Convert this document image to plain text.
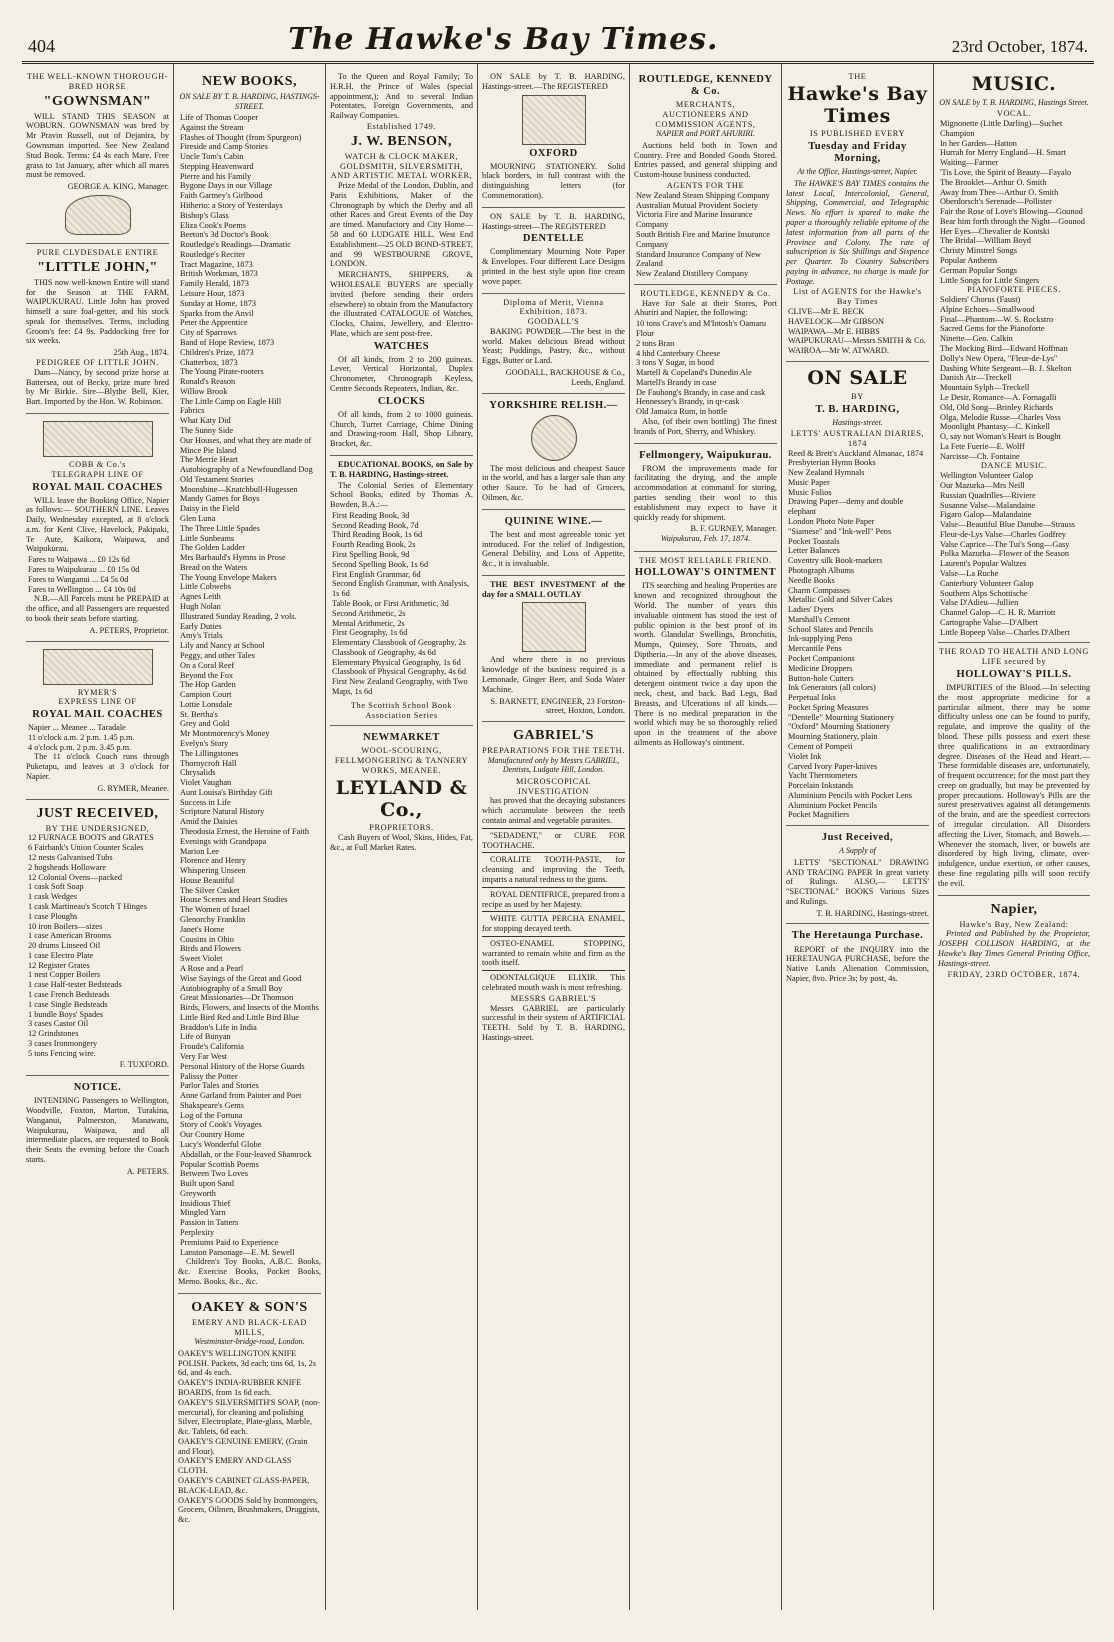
404	The Hawke's Bay Times.	23rd October, 1874.
THE WELL-KNOWN THOROUGH-BRED HORSE
"GOWNSMAN"

WILL STAND THIS SEASON at WOBURN. GOWNSMAN was bred by Mr Pravin Russell, out of Dejanira, by Gownsman imported. See New Zealand Stud Book. Terms: £4 4s each Mare. Free grass to 1st January, after which all mares must be removed.

GEORGE A. KING, Manager.
PURE CLYDESDALE ENTIRE
"LITTLE JOHN,"

THIS now well-known Entire will stand for the Season at THE FARM, WAIPUKURAU. Little John has proved himself a sure foal-getter, and his stock speak for themselves. Terms, including Groom's fee: £4 9s. Paddocking free for six weeks.

25th Aug., 1874.
PEDIGREE OF LITTLE JOHN.

Dam—Nancy, by second prize horse at Battersea, out of Becky, prize mare bred by Mr Birkie. Sire—Blythe Bell, Kier, Bart. Imported by the Hon. W. Robinson.

COBB & Co.'s
TELEGRAPH LINE OF
ROYAL MAIL COACHES

WILL leave the Booking Office, Napier as follows:— SOUTHERN LINE. Leaves Daily, Wednesday excepted, at 8 o'clock a.m. for Kent Clive, Havelock, Pakipaki, Te Aute, Kaikora, Waipawa, and Waipukurau.

Fares to Waipawa ... £0 12s 6d
Fares to Waipukurau ... £0 15s 0d
Fares to Wanganui ... £4 5s 0d
Fares to Wellington ... £4 10s 0d

N.B.—All Parcels must be PREPAID at the office, and all Passengers are requested to book their seats before starting.

A. PETERS, Proprietor.
RYMER'S
EXPRESS LINE OF
ROYAL MAIL COACHES
Napier ... Meanee ... Taradale
11 o'clock a.m. 2 p.m. 1.45 p.m.
4 o'clock p.m. 2 p.m. 3.45 p.m.

The 11 o'clock Coach runs through Puketapu, and leaves at 3 o'clock for Napier.

G. RYMER, Meanee.
JUST RECEIVED,
BY THE UNDERSIGNED,
12 FURNACE BOOTS and GRATES
6 Fairbank's Union Counter Scales
12 nests Galvanised Tubs
2 hogsheads Holloware
12 Colonial Ovens—packed
1 cask Soft Soap
1 cask Wedges
1 cask Martineau's Scotch T Hinges
1 case Ploughs
10 iron Boilers—sizes
1 case American Brooms
20 drums Linseed Oil
1 case Electro Plate
12 Register Grates
1 nest Copper Boilers
1 case Half-tester Bedsteads
1 case French Bedsteads
1 case Single Bedsteads
1 bundle Boys' Spades
3 cases Castor Oil
12 Grindstones
3 cases Ironmongery
5 tons Fencing wire.
F. TUXFORD.
NOTICE.

INTENDING Passengers to Wellington, Woodville, Foxton, Marton, Turakina, Wanganui, Palmerston, Manawatu, Waipukurau, Waipawa, and all intermediate places, are requested to Book their Seats the evening before the Coach starts.

A. PETERS.
NEW BOOKS,
ON SALE BY T. B. HARDING, HASTINGS-STREET.
Life of Thomas Cooper
Against the Stream
Flashes of Thought (from Spurgeon)
Fireside and Camp Stories
Uncle Tom's Cabin
Stepping Heavenward
Pierre and his Family
Bygone Days in our Village
Faith Gartney's Girlhood
Hitherto: a Story of Yesterdays
Bishop's Glass
Eliza Cook's Poems
Beeton's 3d Doctor's Book
Routledge's Readings—Dramatic
Routledge's Reciter
Tract Magazine, 1873
British Workman, 1873
Family Herald, 1873
Leisure Hour, 1873
Sunday at Home, 1873
Sparks from the Anvil
Peter the Apprentice
City of Sparrows
Band of Hope Review, 1873
Children's Prize, 1873
Chatterbox, 1873
The Young Pirate-rooters
Ronald's Reason
Willow Brook
The Little Camp on Eagle Hill
Fabrics
What Katy Did
The Sunny Side
Our Houses, and what they are made of
Mince Pie Island
The Merrie Heart
Autobiography of a Newfoundland Dog
Old Testament Stories
Moonshine—Knatchbull-Hugessen
Mandy Games for Boys
Daisy in the Field
Glen Luna
The Three Little Spades
Little Sunbeams
The Golden Ladder
Mrs Barbauld's Hymns in Prose
Bread on the Waters
The Young Envelope Makers
Little Cobwebs
Agnes Leith
Hugh Nolan
Illustrated Sunday Reading, 2 vols.
Early Duties
Amy's Trials
Lily and Nancy at School
Peggy, and other Tales
On a Coral Reef
Beyond the Fox
The Hop Garden
Campion Court
Lottie Lonsdale
St. Bertha's
Grey and Gold
Mr Montmorency's Money
Evelyn's Story
The Lillingstones
Thornycroft Hall
Chrysalids
Violet Vaughan
Aunt Louisa's Birthday Gift
Success in Life
Scripture Natural History
Amid the Daisies
Theodosia Ernest, the Heroine of Faith
Evenings with Grandpapa
Marion Lee
Florence and Henry
Whispering Unseen
House Beautiful
The Silver Casket
House Scenes and Heart Studies
The Women of Israel
Glenorchy Franklin
Janet's Home
Cousins in Ohio
Birds and Flowers
Sweet Violet
A Rose and a Pearl
Wise Sayings of the Great and Good
Autobiography of a Small Boy
Great Missionaries—Dr Thomson
Birds, Flowers, and Insects of the Months
Little Bird Red and Little Bird Blue
Braddon's Life in India
Life of Bunyan
Froude's California
Very Far West
Personal History of the Horse Guards
Palissy the Potter
Parlor Tales and Stories
Anne Garland from Painter and Poet
Shakspeare's Gems
Log of the Fortuna
Story of Cook's Voyages
Our Country Home
Lucy's Wonderful Globe
Abdallah, or the Four-leaved Shamrock
Popular Scottish Poems
Between Two Loves
Built upon Sand
Greyworth
Insidious Thief
Mingled Yarn
Passion in Tatters
Perplexity
Premiums Paid to Experience
Lanston Parsonage—E. M. Sewell

Children's Toy Books, A.B.C. Books, &c. Exercise Books, Pocket Books, Memo. Books, &c., &c.

OAKEY & SON'S
EMERY AND BLACK-LEAD MILLS,
Westminster-bridge-road, London.
OAKEY'S WELLINGTON KNIFE POLISH. Packets, 3d each; tins 6d, 1s, 2s 6d, and 4s each.
OAKEY'S INDIA-RUBBER KNIFE BOARDS, from 1s 6d each.
OAKEY'S SILVERSMITH'S SOAP, (non-mercurial), for cleaning and polishing Silver, Electroplate, Plate-glass, Marble, &c. Tablets, 6d each.
OAKEY'S GENUINE EMERY, (Grain and Flour).
OAKEY'S EMERY AND GLASS CLOTH.
OAKEY'S CABINET GLASS-PAPER, BLACK-LEAD, &c.
OAKEY'S GOODS Sold by Ironmongers, Grocers, Oilmen, Brushmakers, Druggists, &c.

To the Queen and Royal Family; To H.R.H. the Prince of Wales (special appointment,); And to several Indian Potentates, Foreign Governments, and Railway Companies.

Established 1749.
J. W. BENSON,
WATCH & CLOCK MAKER, GOLDSMITH, SILVERSMITH, AND ARTISTIC METAL WORKER,

Prize Medal of the London, Dublin, and Paris Exhibitions, Maker of the Chronograph by which the Derby and all other Races and Great Events of the Day are timed. Manufactory and City Home—58 and 60 LUDGATE HILL. West End Establishment—25 OLD BOND-STREET, and 99 WESTBOURNE GROVE, LONDON.

MERCHANTS, SHIPPERS, & WHOLESALE BUYERS are specially invited (before sending their orders elsewhere) to obtain from the Manufactory the illustrated CATALOGUE of Watches, Clocks, Chains, Jewellery, and Electro-Plate, which are sent post-free.

WATCHES

Of all kinds, from 2 to 200 guineas. Lever, Vertical Horizontal, Duplex Chronometer, Chronograph Keyless, Centre Seconds Repeaters, Indian, &c.

CLOCKS

Of all kinds, from 2 to 1000 guineas. Church, Turret Carriage, Chime Dining and Drawing-room Hall, Shop Library, Bracket, &c.

EDUCATIONAL BOOKS, on Sale by T. B. HARDING, Hastings-street.

The Colonial Series of Elementary School Books, edited by Thomas A. Bowden, B.A.:—

First Reading Book, 3d
Second Reading Book, 7d
Third Reading Book, 1s 6d
Fourth Reading Book, 2s
First Spelling Book, 9d
Second Spelling Book, 1s 6d
First English Grammar, 6d
Second English Grammar, with Analysis, 1s 6d
Table Book, or First Arithmetic, 3d
Second Arithmetic, 2s
Mental Arithmetic, 2s
First Geography, 1s 6d
Elementary Classbook of Geography, 2s
Classbook of Geography, 4s 6d
Elementary Physical Geography, 1s 6d
Classbook of Physical Geography, 4s 6d
First New Zealand Geography, with Two Maps, 1s 6d
The Scottish School Book Association Series
NEWMARKET
WOOL-SCOURING, FELLMONGERING & TANNERY WORKS, MEANEE.
LEYLAND & Co.,
PROPRIETORS.

Cash Buyers of Wool, Skins, Hides, Fat, &c., at Full Market Rates.

ON SALE by T. B. HARDING, Hastings-street.—The REGISTERED

OXFORD

MOURNING STATIONERY. Solid black borders, in full contrast with the distinguishing letters (for Commemoration).

ON SALE by T. B. HARDING, Hastings-street—The REGISTERED

DENTELLE

Complimentary Mourning Note Paper & Envelopes. Four different Lace Designs printed in the best style upon fine cream wove paper.

Diploma of Merit, Vienna Exhibition, 1873.
GOODALL'S

BAKING POWDER.—The best in the world. Makes delicious Bread without Yeast; Puddings, Pastry, &c., without Eggs, Butter or Lard.

GOODALL, BACKHOUSE & Co., Leeds, England.
YORKSHIRE RELISH.—

The most delicious and cheapest Sauce in the world, and has a larger sale than any other Sauce. To be had of Grocers, Oilmen, &c.

QUININE WINE.—

The best and most agreeable tonic yet introduced. For the relief of Indigestion, General Debility, and Loss of Appetite, &c., it is invaluable.

THE BEST INVESTMENT of the day for a SMALL OUTLAY

And where there is no previous knowledge of the business required is a Lemonade, Ginger Beer, and Soda Water Machine.

S. BARNETT, ENGINEER, 23 Forston-street, Hoxton, London.
GABRIEL'S
PREPARATIONS FOR THE TEETH.
Manufactured only by Messrs GABRIEL, Dentists, Ludgate Hill, London.
MICROSCOPICAL INVESTIGATION

has proved that the decaying substances which accumulate between the teeth contain animal and vegetable parasites.

"SEDADENT," or CURE FOR TOOTHACHE.

CORALITE TOOTH-PASTE, for cleansing and improving the Teeth, imparts a natural redness to the gums.

ROYAL DENTIFRICE, prepared from a recipe as used by her Majesty.

WHITE GUTTA PERCHA ENAMEL, for stopping decayed teeth.

OSTEO-ENAMEL STOPPING, warranted to remain white and firm as the tooth itself.

ODONTALGIQUE ELIXIR. This celebrated mouth wash is most refreshing.

MESSRS GABRIEL'S

Messrs GABRIEL are particularly successful in their system of ARTIFICIAL TEETH. Sold by T. B. HARDING, Hastings-street.

ROUTLEDGE, KENNEDY & Co.
MERCHANTS,
AUCTIONEERS AND COMMISSION AGENTS,
NAPIER and PORT AHURIRI.

Auctions held both in Town and Country. Free and Bonded Goods Stored. Entries passed, and general shipping and Custom-house business conducted.

AGENTS FOR THE
New Zealand Steam Shipping Company
Australian Mutual Provident Society
Victoria Fire and Marine Insurance Company
South British Fire and Marine Insurance Company
Standard Insurance Company of New Zealand
New Zealand Distillery Company
ROUTLEDGE, KENNEDY & Co.

Have for Sale at their Stores, Port Ahuriri and Napier, the following:

10 tons Crave's and M'Intosh's Oamaru Flour
2 tons Bran
4 hhd Canterbury Cheese
3 tons Y Sugar, in bond
Martell & Copeland's Dunedin Ale
Martell's Brandy in case
De Fauhong's Brandy, in case and cask
Hennessey's Brandy, in qr-cask
Old Jamaica Rum, in bottle

Also, (of their own bottling) The finest brands of Port, Sherry, and Whiskey.

Fellmongery, Waipukurau.

FROM the improvements made for facilitating the drying, and the ample accommodation at command for storing, parties sending their wool to this establishment may expect to have it quickly ready for shipment.

B. F. GURNEY, Manager.
Waipukurau, Feb. 17, 1874.
THE MOST RELIABLE FRIEND.
HOLLOWAY'S OINTMENT

ITS searching and healing Properties are known and recognized throughout the World. The number of years this invaluable ointment has stood the test of public opinion is the best proof of its worth. Glandular Swellings, Bronchitis, Mumps, Quinsey, Sore Throats, and Diptheria.—In any of the above diseases, immediate and permanent relief is obtained by effectually rubbing this detergent ointment twice a day upon the neck, chest, and back. Bad Legs, Bad Breasts, and Ulcerations of all kinds.—There is no medical preparation in the world which may be so thoroughly relied upon in the treatment of the above ailments as Holloway's ointment.

THE
Hawke's Bay Times
IS PUBLISHED EVERY
Tuesday and Friday Morning,
At the Office, Hastings-street, Napier.

The HAWKE'S BAY TIMES contains the latest Local, Intercolonial, General, Shipping, Commercial, and Telegraphic News. No effort is spared to make the paper a thoroughly reliable epitome of the latest information from all parts of the Province and Colony. The rate of subscription is Six Shillings and Sixpence per Quarter. To Country Subscribers paying in advance, no charge is made for Postage.

List of AGENTS for the Hawke's Bay Times
CLIVE—Mr E. BECK
HAVELOCK—Mr GIBSON
WAIPAWA—Mr E. HIBBS
WAIPUKURAU—Messrs SMITH & Co.
WAIROA—Mr W. ATWARD.
ON SALE
BY
T. B. HARDING,
Hastings-street.
LETTS' AUSTRALIAN DIARIES, 1874
Reed & Brett's Auckland Almanac, 1874
Presbyterian Hymn Books
New Zealand Hymnals
Music Paper
Music Folios
Drawing Paper—demy and double elephant
London Photo Note Paper
"Siamese" and "Ink-well" Pens
Pocket Toastals
Letter Balances
Coventry silk Book-markers
Photograph Albums
Needle Books
Charm Compasses
Metallic Gold and Silver Cakes
Ladies' Dyers
Marshall's Cement
School Slates and Pencils
Ink-supplying Pens
Mercantile Pens
Pocket Companions
Medicine Droppers
Button-hole Cutters
Ink Generators (all colors)
Perpetual Inks
Pocket Spring Measures
"Dentelle" Mourning Stationery
"Oxford" Mourning Stationery
Mourning Stationery, plain
Cement of Pompeii
Violet Ink
Carved Ivory Paper-knives
Yacht Thermometers
Porcelain Inkstands
Aluminium Pencils with Pocket Lens
Aluminium Pocket Pencils
Pocket Magnifiers
Just Received,
A Supply of

LETTS' "SECTIONAL" DRAWING AND TRACING PAPER In great variety of Rulings. ALSO,— LETTS' "SECTIONAL" BOOKS Various Sizes and Rulings.

T. B. HARDING, Hastings-street.
The Heretaunga Purchase.

REPORT of the INQUIRY into the HERETAUNGA PURCHASE, before the Native Lands Alienation Commission, Napier, 8vo. Price 3s; by post, 4s.

MUSIC.
ON SALE by T. B. HARDING, Hastings Street.
VOCAL.
Mignonette (Little Darling)—Suchet Champion
In her Garden—Hatton
Hurrah for Merry England—H. Smart
Waiting—Farmer
'Tis Love, the Spirit of Beauty—Fayalo
The Brooklet—Arthur O. Smith
Away from Thee—Arthur O. Smith
Oberdorsch's Serenade—Pollister
Fair the Rose of Love's Blowing—Gounod
Bear him forth through the Night—Gounod
Her Eyes—Chevalier de Kontski
The Bridal—William Boyd
Christy Minstrel Songs
Popular Anthems
German Popular Songs
Little Songs for Little Singers
PIANOFORTE PIECES.
Soldiers' Chorus (Faust)
Alpine Echoes—Smallwood
Final—Phantom—W. S. Rockstro
Sacred Gems for the Pianoforte
Ninette—Geo. Calkin
The Mocking Bird—Edward Hoffman
Dolly's New Opera, "Fleur-de-Lys"
Dashing White Sergeant—B. J. Skelton
Danish Air—Treckell
Mountain Sylph—Treckell
Le Desir, Romance—A. Fornagalli
Old, Old Song—Brinley Richards
Olga, Melodie Russe—Charles Voss
Moonlight Phantasy—C. Kinkell
O, say not Woman's Heart is Bought
La Fete Fuerie—E. Wolff
Narcisse—Ch. Fontaine
DANCE MUSIC.
Wellington Volunteer Galop
Our Mazurka—Mrs Neill
Russian Quadrilles—Riviere
Susanne Valse—Malandaine
Figaro Galop—Malandaine
Valse—Beautiful Blue Danube—Strauss
Fleur-de-Lys Valse—Charles Godfrey
Valse Caprice—The Tui's Song—Gasy
Polka Mazurka—Flower of the Season
Laurent's Popular Waltzes
Valse—La Ruche
Canterbury Volunteer Galop
Southern Alps Schottische
Valse D'Adieu—Jullien
Channel Galop—C. H. R. Marriott
Cartographe Valse—D'Albert
Little Bopeep Valse—Charles D'Albert
THE ROAD TO HEALTH AND LONG LIFE secured by
HOLLOWAY'S PILLS.

IMPURITIES of the Blood.—In selecting the most appropriate medicine for a particular ailment, there may be some difficulty unless one can be found to purify, regulate, and improve the quality of the blood. These pills possess and exert these three qualifications in an extraordinary degree. Diseases of the Head and Heart.—These formidable diseases are, unfortunately, of frequent occurrence; for the most part they creep on gradually, but may be prevented by proper precautions. Holloway's Pills are the surest preservatives against all derangements of the brain, and are the speediest correctors of irregular circulation. All Disorders affecting the Liver, Stomach, and Bowels.—Whenever the stomach, liver, or bowels are disordered by high living, climate, over-indulgence, undue exertion, or other causes, these fine regulating pills will soon rectify the evil.

Napier,
Hawke's Bay, New Zealand:

Printed and Published by the Proprietor, JOSEPH COLLISON HARDING, at the Hawke's Bay Times General Printing Office, Hastings-street.

FRIDAY, 23RD OCTOBER, 1874.
